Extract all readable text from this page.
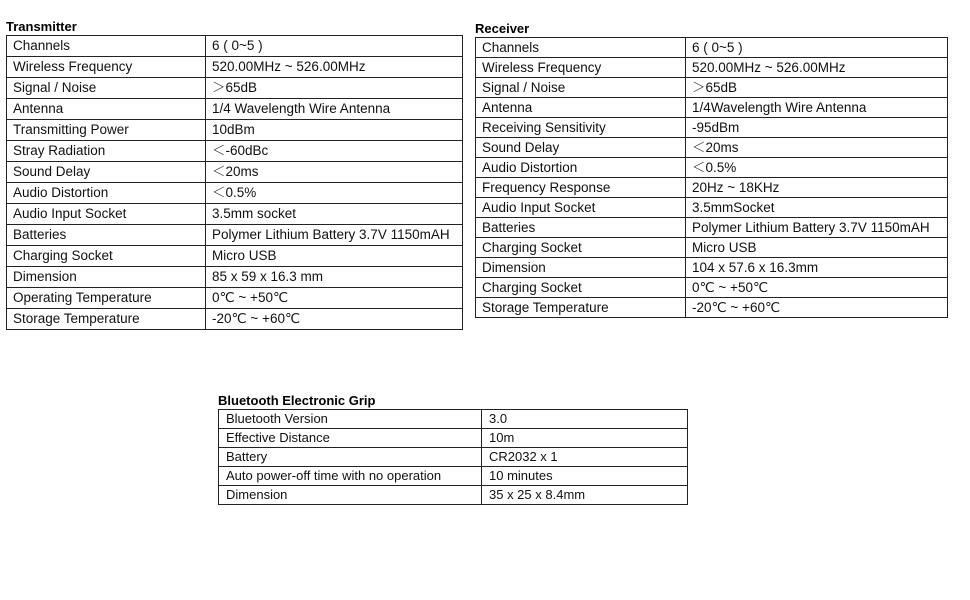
Transmitter
Channels	6 ( 0~5 )
Wireless Frequency	520.00MHz ~ 526.00MHz
Signal / Noise	＞65dB
Antenna	1/4 Wavelength Wire Antenna
Transmitting Power	10dBm
Stray Radiation	＜-60dBc
Sound Delay	＜20ms
Audio Distortion	＜0.5%
Audio Input Socket	3.5mm socket
Batteries	Polymer Lithium Battery 3.7V 1150mAH
Charging Socket	Micro USB
Dimension	85 x 59 x 16.3 mm
Operating Temperature	0℃ ~ +50℃
Storage Temperature	-20℃ ~ +60℃
Receiver
Channels	6 ( 0~5 )
Wireless Frequency	520.00MHz ~ 526.00MHz
Signal / Noise	＞65dB
Antenna	1/4Wavelength Wire Antenna
Receiving Sensitivity	-95dBm
Sound Delay	＜20ms
Audio Distortion	＜0.5%
Frequency Response	20Hz ~ 18KHz
Audio Input Socket	3.5mmSocket
Batteries	Polymer Lithium Battery 3.7V 1150mAH
Charging Socket	Micro USB
Dimension	104 x 57.6 x 16.3mm
Charging Socket	0℃ ~ +50℃
Storage Temperature	-20℃ ~ +60℃
Bluetooth Electronic Grip
Bluetooth Version	3.0
Effective Distance	10m
Battery	CR2032 x 1
Auto power-off time with no operation	10 minutes
Dimension	35 x 25 x 8.4mm
